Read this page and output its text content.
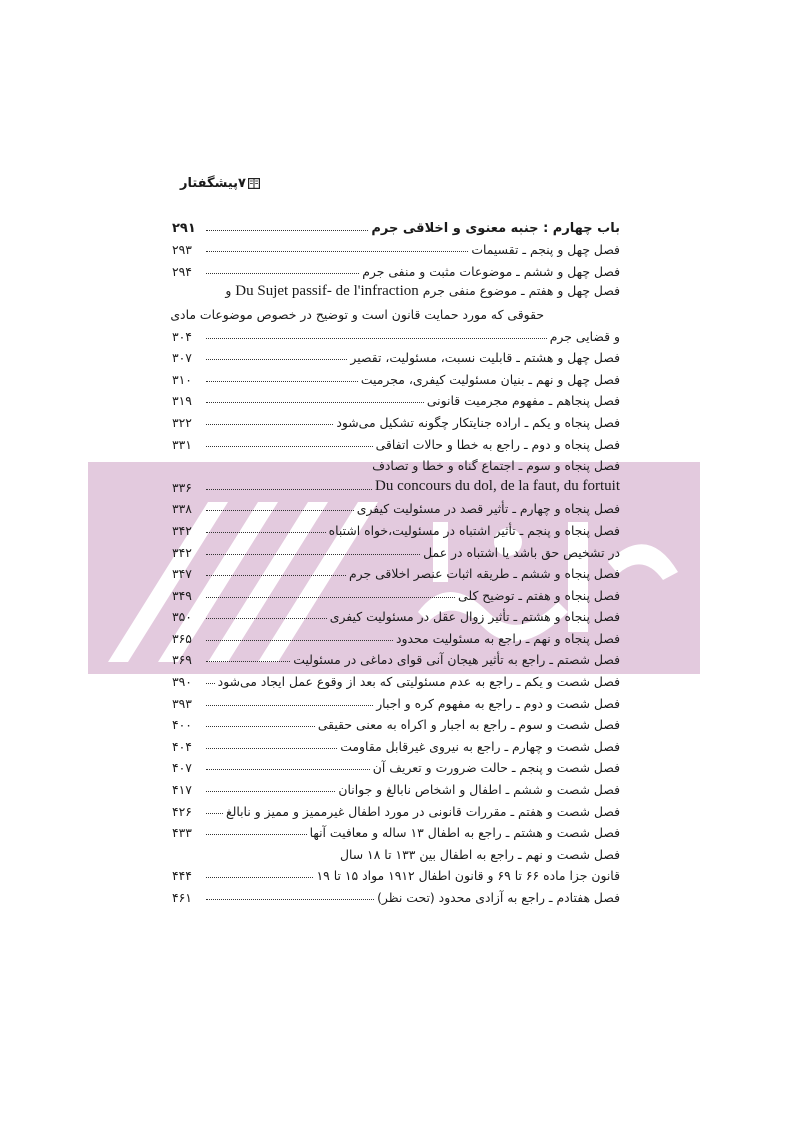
پیشگفتار ۷
باب چهارم : جنبه معنوی و اخلاقی جرم
۲۹۱
فصل چهل و پنجم ـ تقسیمات
۲۹۳
فصل چهل و ششم ـ موضوعات مثبت و منفی جرم
۲۹۴
فصل چهل و هفتم ـ موضوع منفی جرم Du Sujet passif- de l'infraction و
حقوقی که مورد حمایت قانون است و توضیح در خصوص موضوعات مادی
و قضایی جرم
۳۰۴
فصل چهل و هشتم ـ قابلیت نسبت، مسئولیت، تقصیر
۳۰۷
فصل چهل و نهم ـ بنیان مسئولیت کیفری، مجرمیت
۳۱۰
فصل پنجاهم ـ مفهوم مجرمیت قانونی
۳۱۹
فصل پنجاه و یکم ـ اراده جنایتکار چگونه تشکیل می‌شود
۳۲۲
فصل پنجاه و دوم ـ راجع به خطا و حالات اتفاقی
۳۳۱
فصل پنجاه و سوم ـ اجتماع گناه و خطا و تصادف
Du concours du dol, de la faut, du fortuit
۳۳۶
فصل پنجاه و چهارم ـ تأثیر قصد در مسئولیت کیفری
۳۳۸
فصل پنجاه و پنجم ـ تأثیر اشتباه در مسئولیت،خواه اشتباه
۳۴۲
در تشخیص حق باشد یا اشتباه در عمل
۳۴۲
فصل پنجاه و ششم ـ طریقه اثبات عنصر اخلاقی جرم
۳۴۷
فصل پنجاه و هفتم ـ توضیح کلی
۳۴۹
فصل پنجاه و هشتم ـ تأثیر زوال عقل در مسئولیت کیفری
۳۵۰
فصل پنجاه و نهم ـ راجع به مسئولیت محدود
۳۶۵
فصل شصتم ـ راجع به تأثیر هیجان آنی قوای دماغی در مسئولیت
۳۶۹
فصل شصت و یکم ـ راجع به عدم مسئولیتی که بعد از وقوع عمل ایجاد می‌شود
۳۹۰
فصل شصت و دوم ـ راجع به مفهوم کره و اجبار
۳۹۳
فصل شصت و سوم ـ راجع به اجبار و اکراه به معنی حقیقی
۴۰۰
فصل شصت و چهارم ـ راجع به نیروی غیرقابل مقاومت
۴۰۴
فصل شصت و پنجم ـ حالت ضرورت و تعریف آن
۴۰۷
فصل شصت و ششم ـ اطفال و اشخاص نابالغ و جوانان
۴۱۷
فصل شصت و هفتم ـ مقررات قانونی در مورد اطفال غیرممیز و ممیز و نابالغ
۴۲۶
فصل شصت و هشتم ـ راجع به اطفال ۱۳ ساله و معافیت آنها
۴۳۳
فصل شصت و نهم ـ راجع به اطفال بین ۱۳۳ تا ۱۸ سال
قانون جزا ماده ۶۶ تا ۶۹ و قانون اطفال ۱۹۱۲ مواد ۱۵ تا ۱۹
۴۴۴
فصل هفتادم ـ راجع به آزادی محدود (تحت نظر)
۴۶۱
